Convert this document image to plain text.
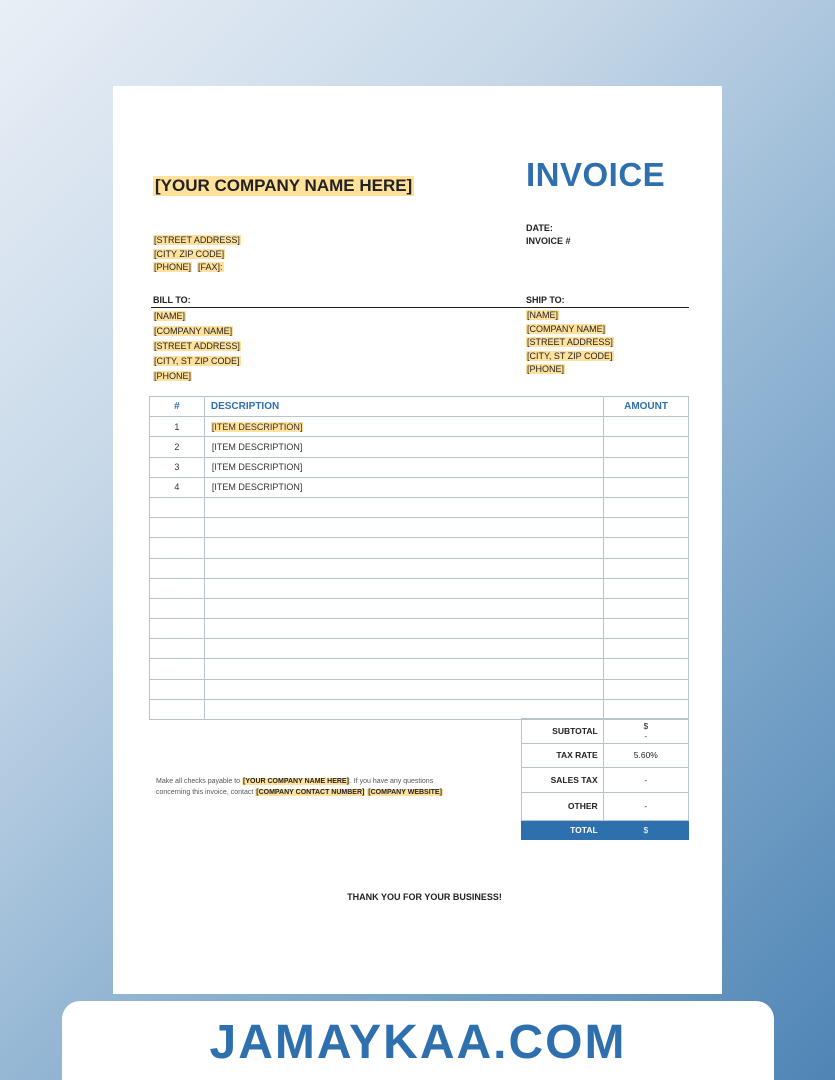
[YOUR COMPANY NAME HERE]	INVOICE
DATE:
INVOICE #
[STREET ADDRESS]
[CITY ZIP CODE]
[PHONE] [FAX]:
BILL TO:	SHIP TO:
[NAME]
[COMPANY NAME]
[STREET ADDRESS]
[CITY, ST ZIP CODE]
[PHONE]
[NAME]
[COMPANY NAME]
[STREET ADDRESS]
[CITY, ST ZIP CODE]
[PHONE]
#	DESCRIPTION	AMOUNT
1	[ITEM DESCRIPTION]	
2	[ITEM DESCRIPTION]	
3	[ITEM DESCRIPTION]	
4	[ITEM DESCRIPTION]	

SUBTOTAL	$
-
TAX RATE	5.60%
SALES TAX	-
OTHER	-
TOTAL	$
Make all checks payable to [YOUR COMPANY NAME HERE]. If you have any questions concerning this invoice, contact [COMPANY CONTACT NUMBER] [COMPANY WEBSITE]
THANK YOU FOR YOUR BUSINESS!
JAMAYKAA.COM
